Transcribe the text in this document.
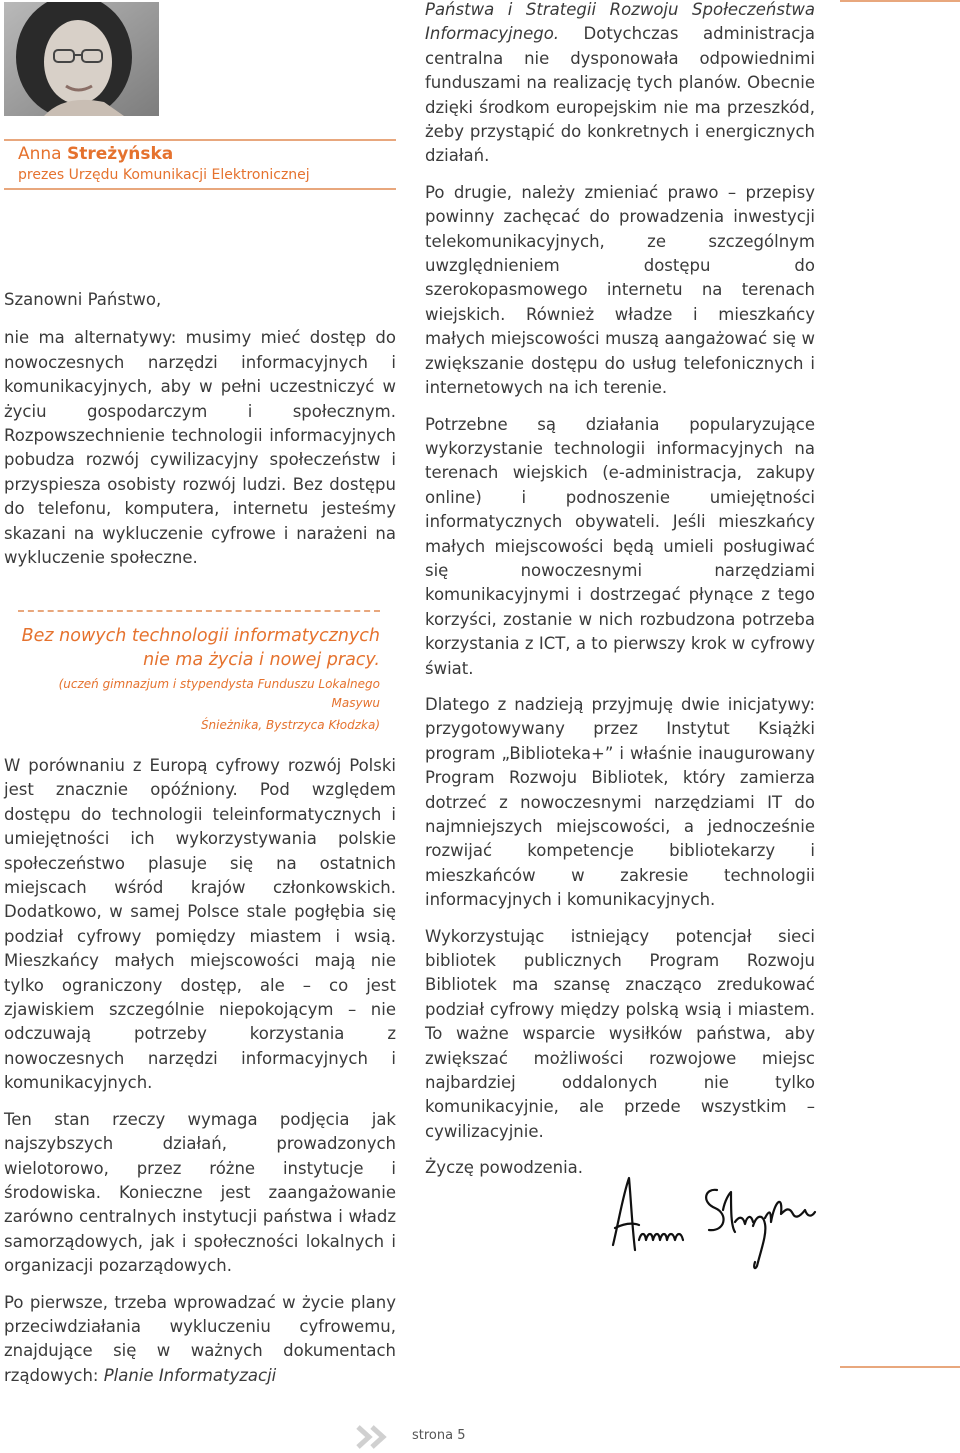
Anna Streżyńska
prezes Urzędu Komunikacji Elektronicznej

Szanowni Państwo,

nie ma alternatywy: musimy mieć dostęp do nowoczesnych narzędzi informacyjnych i komunikacyjnych, aby w pełni uczestniczyć w życiu gospodarczym i społecznym. Rozpowszechnienie technologii informacyjnych pobudza rozwój cywilizacyjny społeczeństw i przyspiesza osobisty rozwój ludzi. Bez dostępu do telefonu, komputera, internetu jesteśmy skazani na wykluczenie cyfrowe i narażeni na wykluczenie społeczne.

Bez nowych technologii informatycznych
nie ma życia i nowej pracy.
(uczeń gimnazjum i stypendysta Funduszu Lokalnego Masywu
Śnieżnika, Bystrzyca Kłodzka)

W porównaniu z Europą cyfrowy rozwój Polski jest znacznie opóźniony. Pod względem dostępu do technologii teleinformatycznych i umiejętności ich wykorzystywania polskie społeczeństwo plasuje się na ostatnich miejscach wśród krajów członkowskich. Dodatkowo, w samej Polsce stale pogłębia się podział cyfrowy pomiędzy miastem i wsią. Mieszkańcy małych miejscowości mają nie tylko ograniczony dostęp, ale – co jest zjawiskiem szczególnie niepokojącym – nie odczuwają potrzeby korzystania z nowoczesnych narzędzi informacyjnych i komunikacyjnych.

Ten stan rzeczy wymaga podjęcia jak najszybszych działań, prowadzonych wielotorowo, przez różne instytucje i środowiska. Konieczne jest zaangażowanie zarówno centralnych instytucji państwa i władz samorządowych, jak i społeczności lokalnych i organizacji pozarządowych.

Po pierwsze, trzeba wprowadzać w życie plany przeciwdziałania wykluczeniu cyfrowemu, znajdujące się w ważnych dokumentach rządowych: Planie Informatyzacji

Państwa i Strategii Rozwoju Społeczeństwa Informacyjnego. Dotychczas administracja centralna nie dysponowała odpowiednimi funduszami na realizację tych planów. Obecnie dzięki środkom europejskim nie ma przeszkód, żeby przystąpić do konkretnych i energicznych działań.

Po drugie, należy zmieniać prawo – przepisy powinny zachęcać do prowadzenia inwestycji telekomunikacyjnych, ze szczególnym uwzględnieniem dostępu do szerokopasmowego internetu na terenach wiejskich. Również władze i mieszkańcy małych miejscowości muszą aangażować się w zwiększanie dostępu do usług telefonicznych i internetowych na ich terenie.

Potrzebne są działania popularyzujące wykorzystanie technologii informacyjnych na terenach wiejskich (e-administracja, zakupy online) i podnoszenie umiejętności informatycznych obywateli. Jeśli mieszkańcy małych miejscowości będą umieli posługiwać się nowoczesnymi narzędziami komunikacyjnymi i dostrzegać płynące z tego korzyści, zostanie w nich rozbudzona potrzeba korzystania z ICT, a to pierwszy krok w cyfrowy świat.

Dlatego z nadzieją przyjmuję dwie inicjatywy: przygotowywany przez Instytut Książki program „Biblioteka+” i właśnie inaugurowany Program Rozwoju Bibliotek, który zamierza dotrzeć z nowoczesnymi narzędziami IT do najmniejszych miejscowości, a jednocześnie rozwijać kompetencje bibliotekarzy i mieszkańców w zakresie technologii informacyjnych i komunikacyjnych.

Wykorzystując istniejący potencjał sieci bibliotek publicznych Program Rozwoju Bibliotek ma szansę znacząco zredukować podział cyfrowy między polską wsią i miastem. To ważne wsparcie wysiłków państwa, aby zwiększać możliwości rozwojowe miejsc najbardziej oddalonych nie tylko komunikacyjnie, ale przede wszystkim – cywilizacyjnie.

Życzę powodzenia.

strona 5
